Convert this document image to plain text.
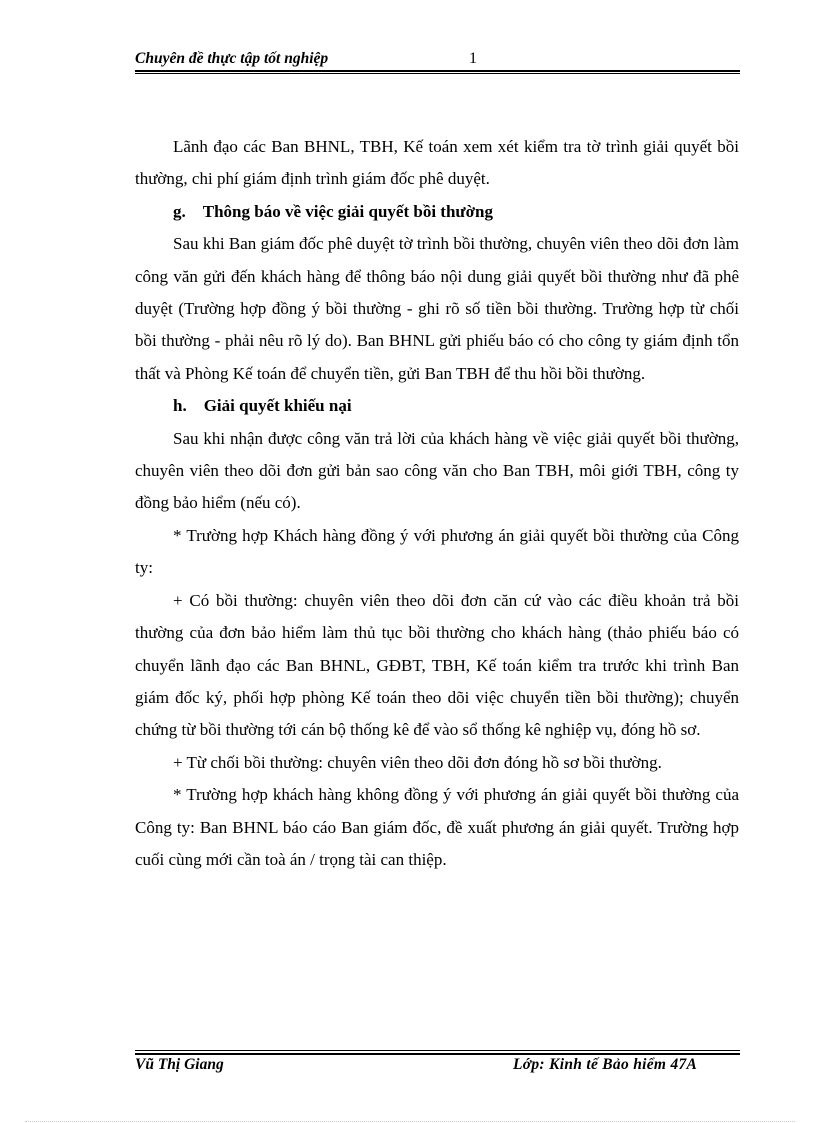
Chuyên đề thực tập tốt nghiệp	1

Lãnh đạo các Ban BHNL, TBH, Kế toán xem xét kiểm tra tờ trình giải quyết bồi thường, chi phí giám định trình giám đốc phê duyệt.

g.    Thông báo về việc giải quyết bồi thường

Sau khi Ban giám đốc phê duyệt tờ trình bồi thường, chuyên viên theo dõi đơn làm công văn gửi đến khách hàng để thông báo nội dung giải quyết bồi thường như đã phê duyệt (Trường hợp đồng ý bồi thường - ghi rõ số tiền bồi thường. Trường hợp từ chối bồi thường - phải nêu rõ lý do). Ban BHNL gửi phiếu báo có cho công ty giám định tổn thất và Phòng Kế toán để chuyển tiền, gửi Ban TBH để thu hồi bồi thường.

h.    Giải quyết khiếu nại

Sau khi nhận được công văn trả lời của khách hàng về việc giải quyết bồi thường, chuyên viên theo dõi đơn gửi bản sao công văn cho Ban TBH, môi giới TBH, công ty đồng bảo hiểm (nếu có).

* Trường hợp Khách hàng đồng ý với phương án giải quyết bồi thường của Công ty:

+ Có bồi thường: chuyên viên theo dõi đơn căn cứ vào các điều khoản trả bồi thường của đơn bảo hiểm làm thủ tục bồi thường cho khách hàng (thảo phiếu báo có chuyển lãnh đạo các Ban BHNL, GĐBT, TBH, Kế toán kiểm tra trước khi trình Ban giám đốc ký, phối hợp phòng Kế toán theo dõi việc chuyển tiền bồi thường); chuyển chứng từ bồi thường tới cán bộ thống kê để vào sổ thống kê nghiệp vụ, đóng hồ sơ.

+ Từ chối bồi thường: chuyên viên theo dõi đơn đóng hồ sơ bồi thường.

* Trường hợp khách hàng không đồng ý với phương án giải quyết bồi thường của Công ty: Ban BHNL báo cáo Ban giám đốc, đề xuất phương án giải quyết. Trường hợp cuối cùng mới cần toà án / trọng tài can thiệp.

Vũ Thị Giang	Lớp: Kinh tế Bảo hiểm 47A
